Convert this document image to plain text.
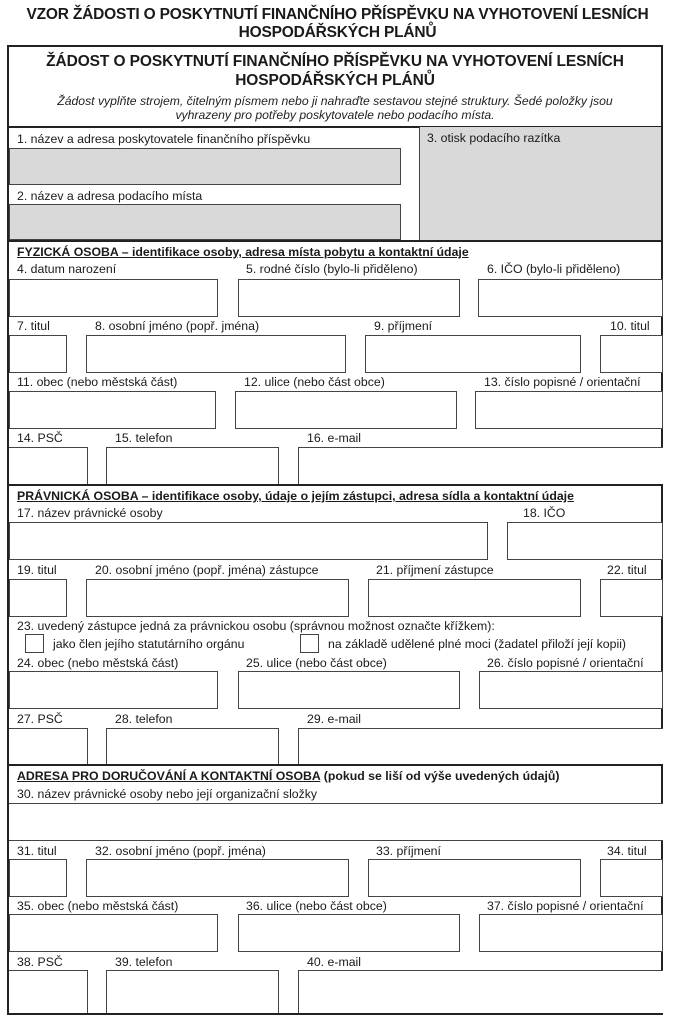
VZOR ŽÁDOSTI O POSKYTNUTÍ FINANČNÍHO PŘÍSPĚVKU NA VYHOTOVENÍ LESNÍCH
HOSPODÁŘSKÝCH PLÁNŮ
ŽÁDOST O POSKYTNUTÍ FINANČNÍHO PŘÍSPĚVKU NA VYHOTOVENÍ LESNÍCH
HOSPODÁŘSKÝCH PLÁNŮ
Žádost vyplňte strojem, čitelným písmem nebo ji nahraďte sestavou stejné struktury. Šedé položky jsou
vyhrazeny pro potřeby poskytovatele nebo podacího místa.
1. název a adresa poskytovatele finančního příspěvku
2. název a adresa podacího místa
3. otisk podacího razítka
FYZICKÁ OSOBA – identifikace osoby, adresa místa pobytu a kontaktní údaje
4. datum narození	5. rodné číslo (bylo-li přiděleno)	6. IČO (bylo-li přiděleno)
7. titul	8. osobní jméno (popř. jména)	9. příjmení	10. titul
11. obec (nebo městská část)	12. ulice (nebo část obce)	13. číslo popisné / orientační
14. PSČ	15. telefon	16. e-mail
PRÁVNICKÁ OSOBA – identifikace osoby, údaje o jejím zástupci, adresa sídla a kontaktní údaje
17. název právnické osoby	18. IČO
19. titul	20. osobní jméno (popř. jména) zástupce	21. příjmení zástupce	22. titul
23. uvedený zástupce jedná za právnickou osobu (správnou možnost označte křížkem):
jako člen jejího statutárního orgánu	na základě udělené plné moci (žadatel přiloží její kopii)
24. obec (nebo městská část)	25. ulice (nebo část obce)	26. číslo popisné / orientační
27. PSČ	28. telefon	29. e-mail
ADRESA PRO DORUČOVÁNÍ A KONTAKTNÍ OSOBA (pokud se liší od výše uvedených údajů)
30. název právnické osoby nebo její organizační složky
31. titul	32. osobní jméno (popř. jména)	33. příjmení	34. titul
35. obec (nebo městská část)	36. ulice (nebo část obce)	37. číslo popisné / orientační
38. PSČ	39. telefon	40. e-mail
